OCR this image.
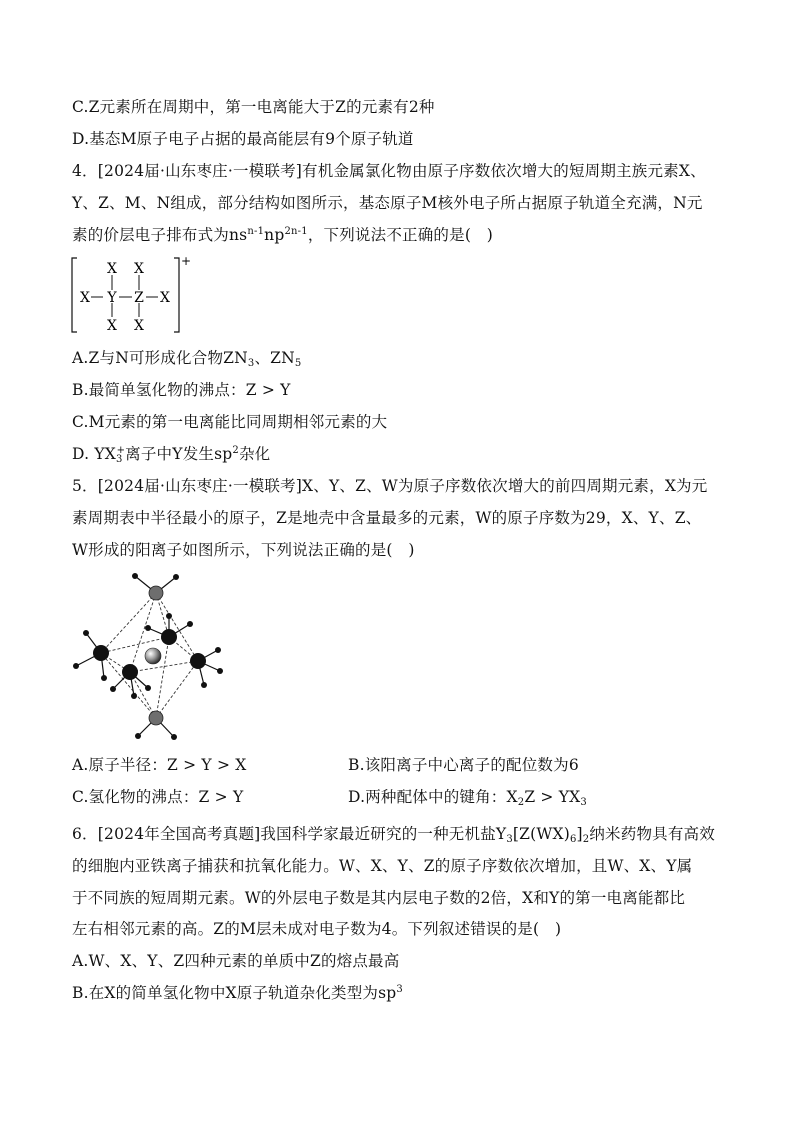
C.Z元素所在周期中，第一电离能大于Z的元素有2种
D.基态M原子电子占据的最高能层有9个原子轨道
4．[2024届·山东枣庄·一模联考]有机金属氯化物由原子序数依次增大的短周期主族元素X、
Y、Z、M、N组成，部分结构如图所示，基态原子M核外电子所占据原子轨道全充满，N元
素的价层电子排布式为$ns^{n-1}np^{2n-1}$，下列说法不正确的是(　)
X X
X Y Z X
X X
+
A.Z与N可形成化合物$ZN_3$、$ZN_5$
B.最简单氢化物的沸点：Z > Y
C.M元素的第一电离能比同周期相邻元素的大
D. $YX_3^+$离子中Y发生$sp^2$杂化
5．[2024届·山东枣庄·一模联考]X、Y、Z、W为原子序数依次增大的前四周期元素，X为元
素周期表中半径最小的原子，Z是地壳中含量最多的元素，W的原子序数为29，X、Y、Z、
W形成的阳离子如图所示，下列说法正确的是(　)
A.原子半径：Z > Y > X	B.该阳离子中心离子的配位数为6
C.氢化物的沸点：Z > Y	D.两种配体中的键角：$X_2Z > YX_3$
6．[2024年全国高考真题]我国科学家最近研究的一种无机盐$Y_3[Z(WX)_6]_2$纳米药物具有高效
的细胞内亚铁离子捕获和抗氧化能力。W、X、Y、Z的原子序数依次增加，且W、X、Y属
于不同族的短周期元素。W的外层电子数是其内层电子数的2倍，X和Y的第一电离能都比
左右相邻元素的高。Z的M层未成对电子数为4。下列叙述错误的是(　)
A.W、X、Y、Z四种元素的单质中Z的熔点最高
B.在X的简单氢化物中X原子轨道杂化类型为$sp^3$
